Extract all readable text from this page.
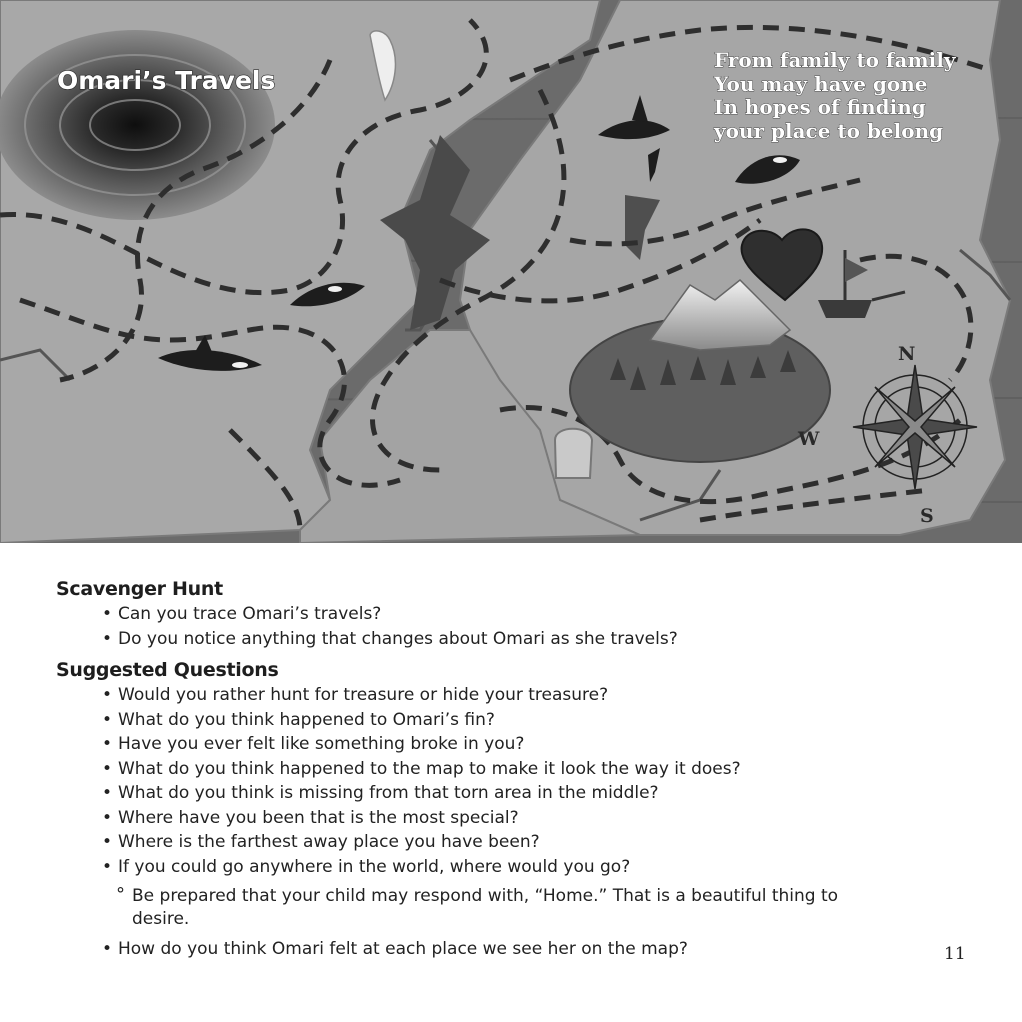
N
W
S
Omari’s Travels
From family to family
You may have gone
In hopes of finding
your place to belong
Scavenger Hunt
• Can you trace Omari’s travels?
• Do you notice anything that changes about Omari as she travels?
Suggested Questions
• Would you rather hunt for treasure or hide your treasure?
• What do you think happened to Omari’s fin?
• Have you ever felt like something broke in you?
• What do you think happened to the map to make it look the way it does?
• What do you think is missing from that torn area in the middle?
• Where have you been that is the most special?
• Where is the farthest away place you have been?
• If you could go anywhere in the world, where would you go?
° Be prepared that your child may respond with, “Home.” That is a beautiful thing to desire.
• How do you think Omari felt at each place we see her on the map?	11
